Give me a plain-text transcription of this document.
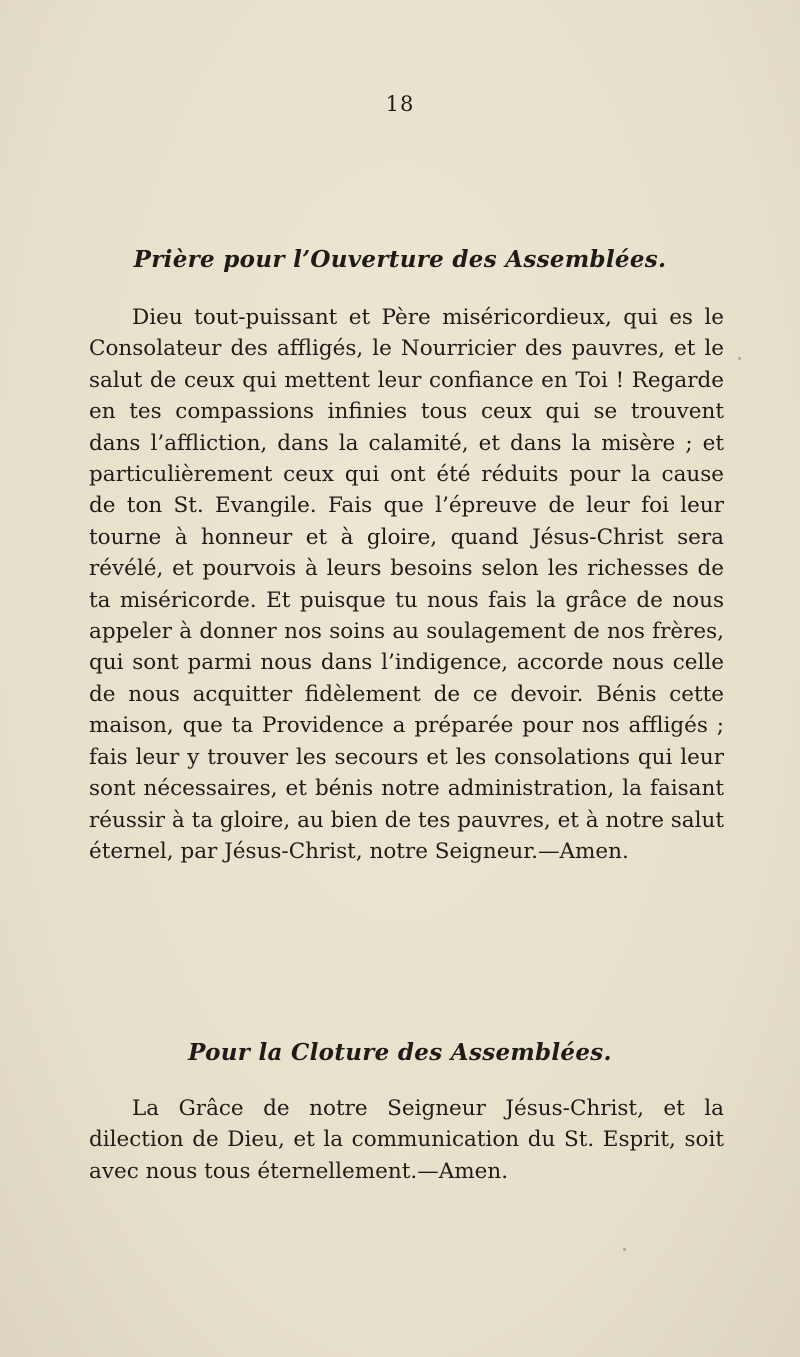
18
Prière pour l’Ouverture des Assemblées.

Dieu tout-puissant et Père miséricordieux, qui es le Consolateur des affligés, le Nourricier des pauvres, et le salut de ceux qui mettent leur confiance en Toi ! Regarde en tes compassions infinies tous ceux qui se trouvent dans l’affliction, dans la calamité, et dans la misère ; et particulièrement ceux qui ont été réduits pour la cause de ton St. Evangile. Fais que l’épreuve de leur foi leur tourne à honneur et à gloire, quand Jésus-Christ sera révélé, et pourvois à leurs besoins selon les richesses de ta miséricorde. Et puisque tu nous fais la grâce de nous appeler à donner nos soins au soulagement de nos frères, qui sont parmi nous dans l’indigence, accorde nous celle de nous acquitter fidèlement de ce devoir. Bénis cette maison, que ta Providence a préparée pour nos affligés ; fais leur y trouver les secours et les consolations qui leur sont nécessaires, et bénis notre administration, la faisant réussir à ta gloire, au bien de tes pauvres, et à notre salut éternel, par Jésus-Christ, notre Seigneur.—Amen.

Pour la Cloture des Assemblées.

La Grâce de notre Seigneur Jésus-Christ, et la dilection de Dieu, et la communication du St. Esprit, soit avec nous tous éternellement.—Amen.
